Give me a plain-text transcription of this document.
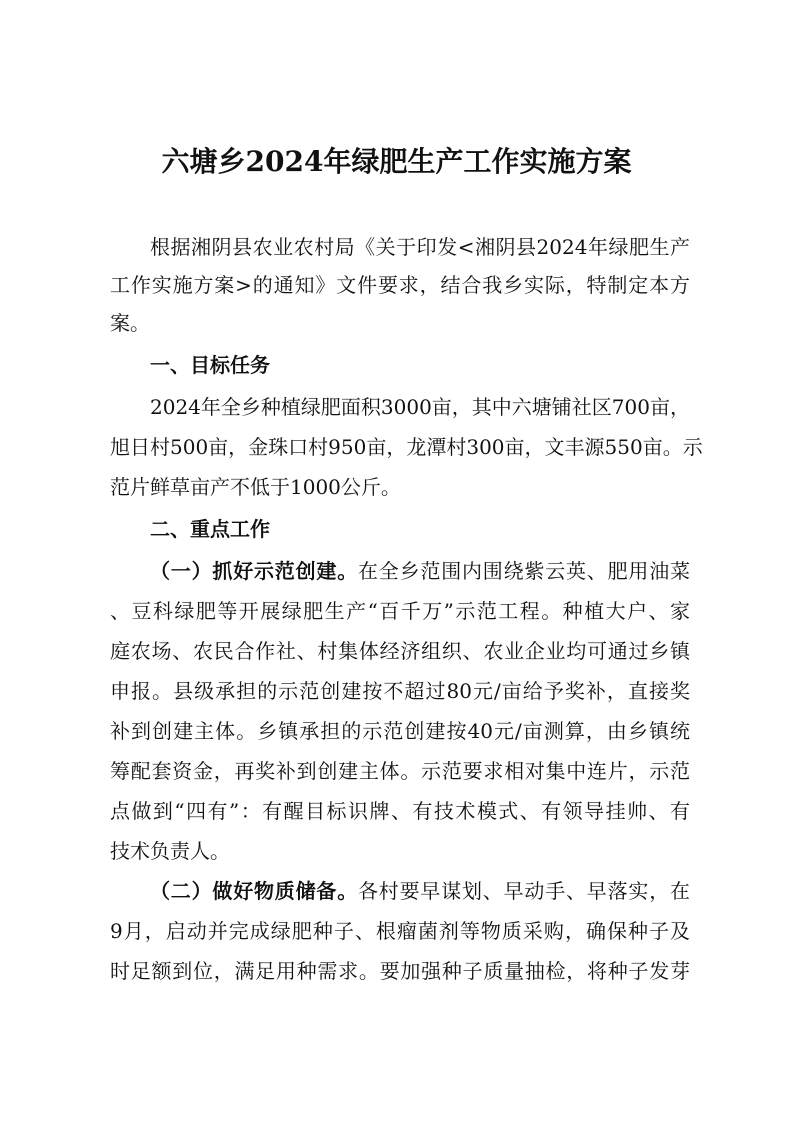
六塘乡2024年绿肥生产工作实施方案
根据湘阴县农业农村局《关于印发<湘阴县2024年绿肥生产
工作实施方案>的通知》文件要求，结合我乡实际，特制定本方
案。
一、目标任务
2024年全乡种植绿肥面积3000亩，其中六塘铺社区700亩，
旭日村500亩，金珠口村950亩，龙潭村300亩，文丰源550亩。示
范片鲜草亩产不低于1000公斤。
二、重点工作
（一）抓好示范创建。在全乡范围内围绕紫云英、肥用油菜
、豆科绿肥等开展绿肥生产“百千万”示范工程。种植大户、家
庭农场、农民合作社、村集体经济组织、农业企业均可通过乡镇
申报。县级承担的示范创建按不超过80元/亩给予奖补，直接奖
补到创建主体。乡镇承担的示范创建按40元/亩测算，由乡镇统
筹配套资金，再奖补到创建主体。示范要求相对集中连片，示范
点做到“四有”：有醒目标识牌、有技术模式、有领导挂帅、有
技术负责人。
（二）做好物质储备。各村要早谋划、早动手、早落实，在
9月，启动并完成绿肥种子、根瘤菌剂等物质采购，确保种子及
时足额到位，满足用种需求。要加强种子质量抽检，将种子发芽
